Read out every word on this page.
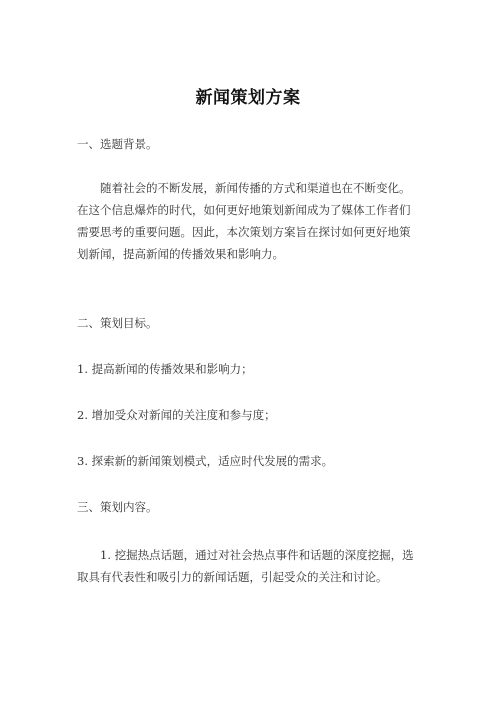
新闻策划方案
一、选题背景。
随着社会的不断发展，新闻传播的方式和渠道也在不断变化。
在这个信息爆炸的时代，如何更好地策划新闻成为了媒体工作者们
需要思考的重要问题。因此，本次策划方案旨在探讨如何更好地策
划新闻，提高新闻的传播效果和影响力。
二、策划目标。
1. 提高新闻的传播效果和影响力；
2. 增加受众对新闻的关注度和参与度；
3. 探索新的新闻策划模式，适应时代发展的需求。
三、策划内容。
1. 挖掘热点话题，通过对社会热点事件和话题的深度挖掘，选
取具有代表性和吸引力的新闻话题，引起受众的关注和讨论。
